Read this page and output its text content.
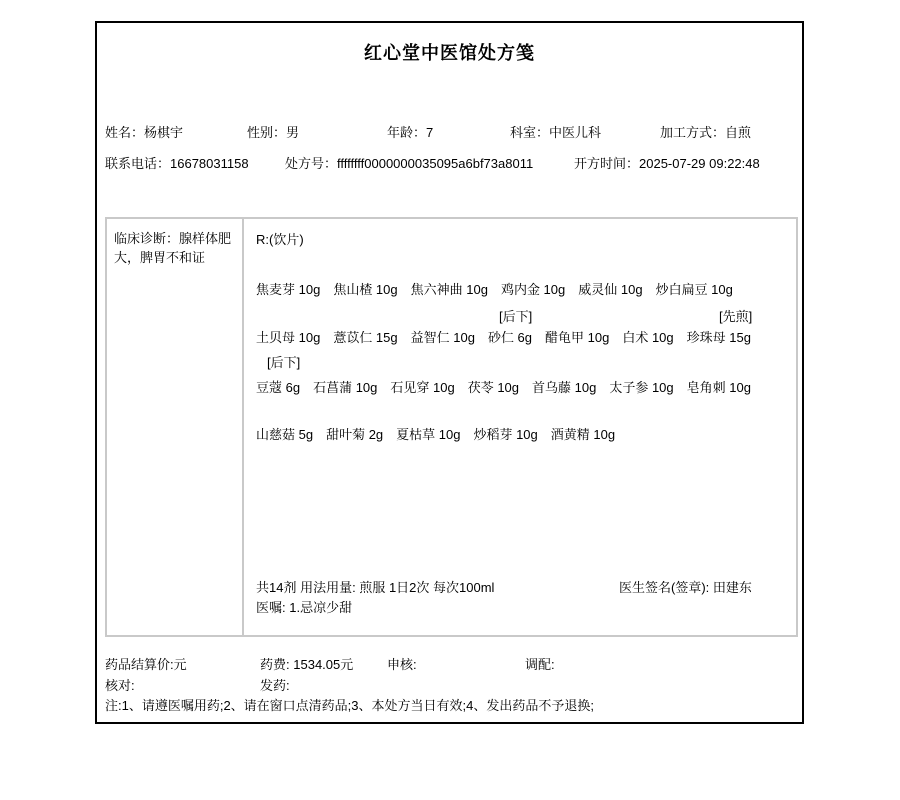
红心堂中医馆处方笺
姓名：杨棋宇	性别：男	年龄：7	科室：中医儿科	加工方式：自煎
联系电话：16678031158	处方号：ffffffff0000000035095a6bf73a8011	开方时间：2025-07-29 09:22:48
临床诊断：腺样体肥大，脾胃不和证
R:(饮片)
焦麦芽 10g 焦山楂 10g 焦六神曲 10g 鸡内金 10g 威灵仙 10g 炒白扁豆 10g
[后下]	[先煎]
土贝母 10g 薏苡仁 15g 益智仁 10g 砂仁 6g 醋龟甲 10g 白术 10g 珍珠母 15g
[后下]
豆蔻 6g 石菖蒲 10g 石见穿 10g 茯苓 10g 首乌藤 10g 太子参 10g 皂角刺 10g
山慈菇 5g 甜叶菊 2g 夏枯草 10g 炒稻芽 10g 酒黄精 10g
共14剂 用法用量: 煎服 1日2次 每次100ml	医生签名(签章): 田建东
医嘱: 1.忌凉少甜
药品结算价:元	药费: 1534.05元	申核:	调配:
核对:	发药:
注:1、请遵医嘱用药;2、请在窗口点清药品;3、本处方当日有效;4、发出药品不予退换;
